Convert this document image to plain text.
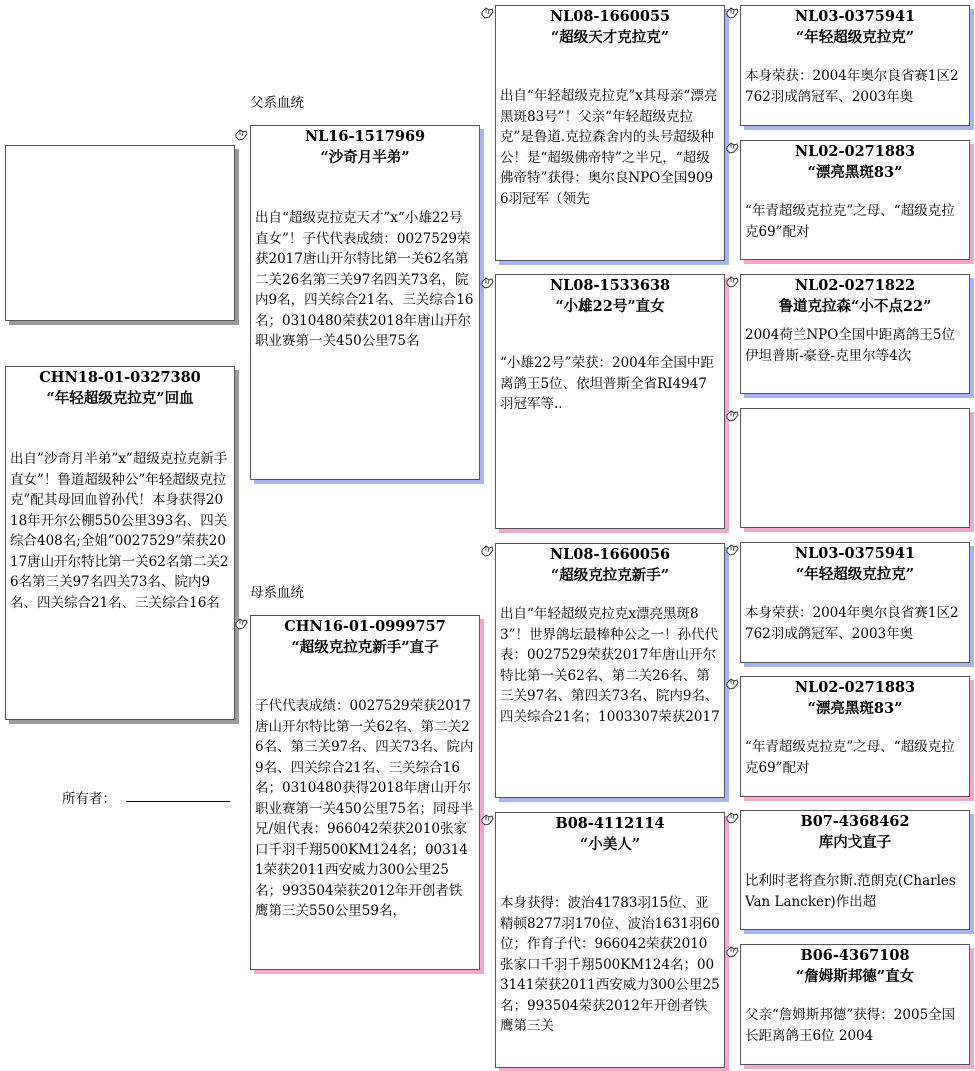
CHN18-01-0327380
“年轻超级克拉克”回血
出自”沙奇月半弟”x”超级克拉克新手直女”！鲁道超级种公”年轻超级克拉克”配其母回血曾孙代！本身获得2018年开尔公棚550公里393名、四关综合408名;全姐”0027529”荣获2017唐山开尔特比第一关62名第二关26名第三关97名四关73名、院内9名、四关综合21名、三关综合16名
所有者：
父系血统
母系血统
NL16-1517969
“沙奇月半弟”
出自“超级克拉克天才”x“小雄22号直女”！子代代表成绩：0027529荣获2017唐山开尔特比第一关62名第二关26名第三关97名四关73名，院内9名，四关综合21名、三关综合16名；0310480荣获2018年唐山开尔职业赛第一关450公里75名
CHN16-01-0999757
“超级克拉克新手”直子
子代代表成绩：0027529荣获2017唐山开尔特比第一关62名、第二关26名、第三关97名、四关73名、院内9名、四关综合21名、三关综合16名；0310480获得2018年唐山开尔职业赛第一关450公里75名；同母半兄/姐代表：966042荣获2010张家口千羽千翔500KM124名；003141荣获2011西安威力300公里25名；993504荣获2012年开创者铁鹰第三关550公里59名，
NL08-1660055
“超级天才克拉克”
出自“年轻超级克拉克”x其母亲“漂亮黑斑83号”！父亲“年轻超级克拉克”是鲁道.克拉森舍内的头号超级种公！是“超级佛帝特”之半兄，“超级佛帝特”获得：奥尔良NPO全国9096羽冠军（领先
NL08-1533638
“小雄22号”直女
“小雄22号”荣获：2004年全国中距离鸽王5位、依坦普斯全省RI4947羽冠军等..
NL08-1660056
“超级克拉克新手”
出自“年轻超级克拉克x漂亮黑斑83”！世界鸽坛最棒种公之一！孙代代表：0027529荣获2017年唐山开尔特比第一关62名、第二关26名、第三关97名、第四关73名、院内9名、四关综合21名；1003307荣获2017
B08-4112114
“小美人”
本身获得：波治41783羽15位、亚精顿8277羽170位、波治1631羽60位；作育子代：966042荣获2010张家口千羽千翔500KM124名；003141荣获2011西安威力300公里25名；993504荣获2012年开创者铁鹰第三关
NL03-0375941
“年轻超级克拉克”
本身荣获：2004年奥尔良省赛1区2762羽成鸽冠军、2003年奥
NL02-0271883
“漂亮黑斑83”
“年青超级克拉克”之母、“超级克拉克69”配对
NL02-0271822
鲁道克拉森“小不点22”
2004荷兰NPO全国中距离鸽王5位伊坦普斯-豪登-克里尔等4次
NL03-0375941
“年轻超级克拉克”
本身荣获：2004年奥尔良省赛1区2762羽成鸽冠军、2003年奥
NL02-0271883
“漂亮黑斑83”
“年青超级克拉克”之母、“超级克拉克69”配对
B07-4368462
库内戈直子
比利时老将查尔斯.范朗克(Charles Van Lancker)作出超
B06-4367108
“詹姆斯邦德”直女
父亲“詹姆斯邦德”获得：2005全国长距离鸽王6位 2004
